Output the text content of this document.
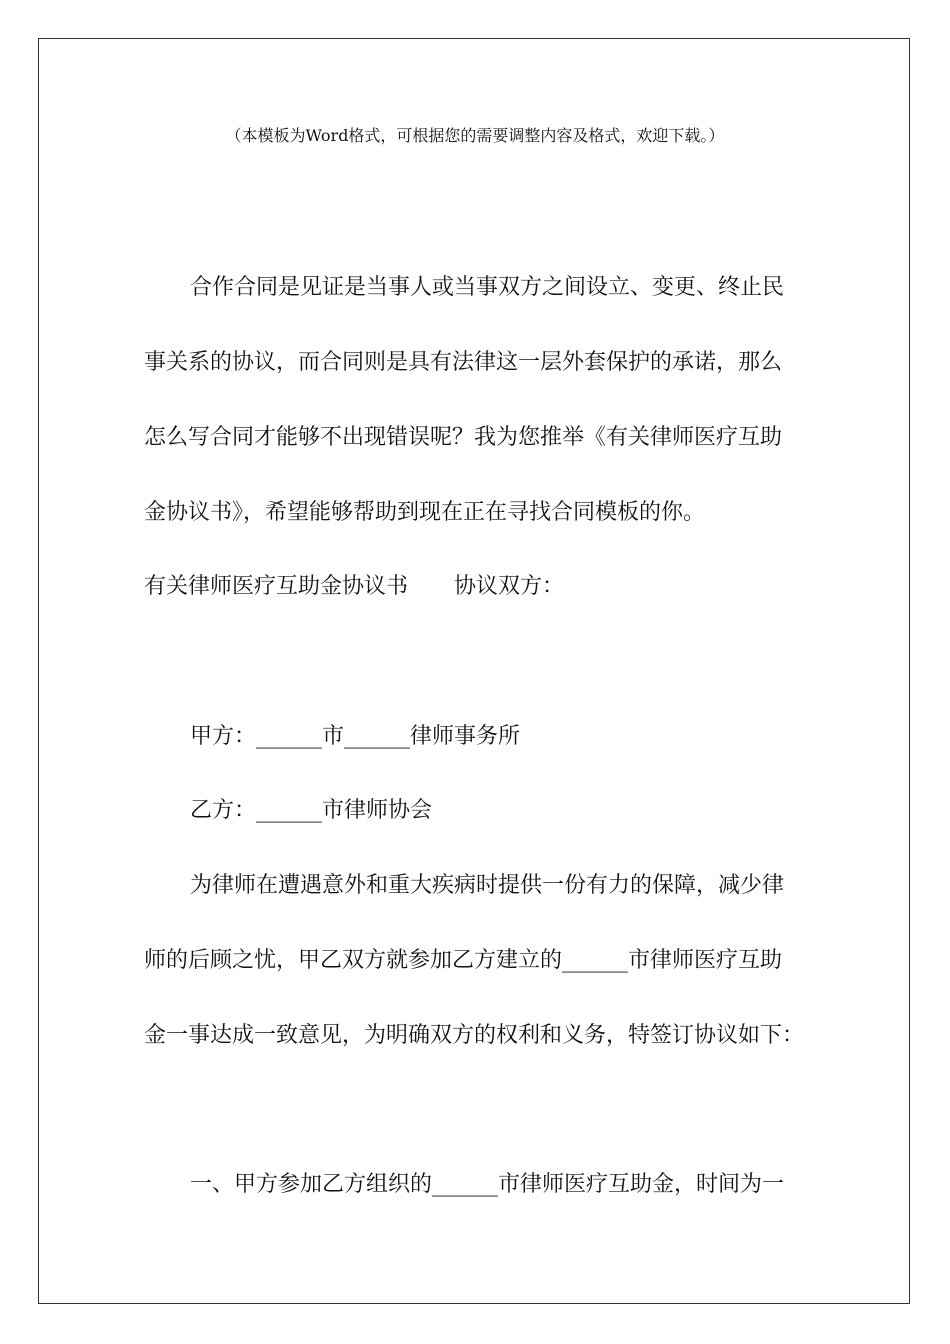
（本模板为Word格式，可根据您的需要调整内容及格式，欢迎下载。）
合作合同是见证是当事人或当事双方之间设立、变更、终止民
事关系的协议，而合同则是具有法律这一层外套保护的承诺，那么
怎么写合同才能够不出现错误呢？我为您推举《有关律师医疗互助
金协议书》，希望能够帮助到现在正在寻找合同模板的你。
有关律师医疗互助金协议书 协议双方：
甲方：______市______律师事务所
乙方：______市律师协会
为律师在遭遇意外和重大疾病时提供一份有力的保障，减少律
师的后顾之忧，甲乙双方就参加乙方建立的______市律师医疗互助
金一事达成一致意见，为明确双方的权利和义务，特签订协议如下：
一、甲方参加乙方组织的______市律师医疗互助金，时间为一
